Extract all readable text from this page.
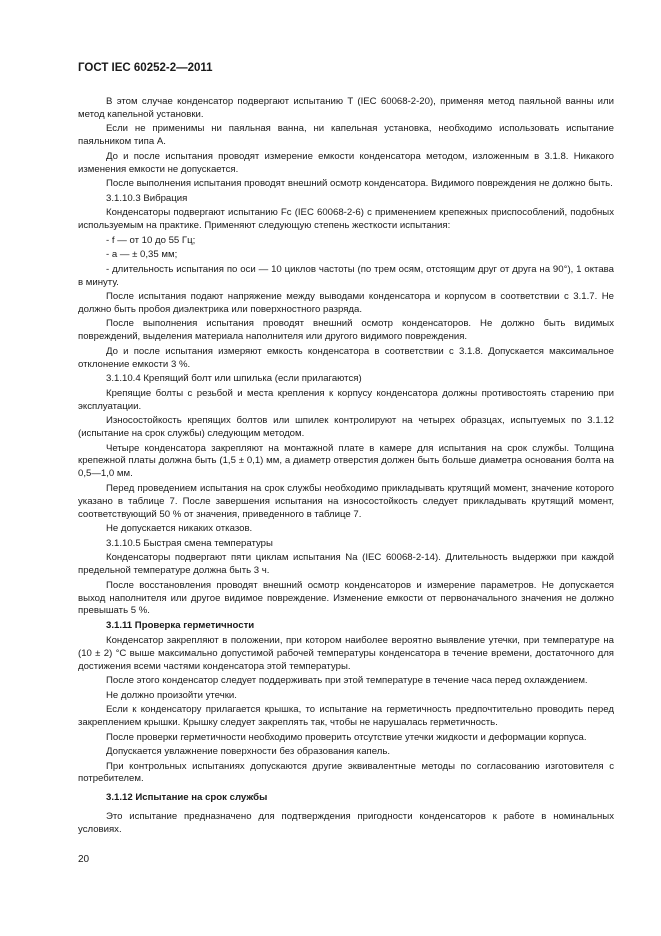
ГОСТ IEC 60252-2—2011

В этом случае конденсатор подвергают испытанию T (IEC 60068-2-20), применяя метод паяльной ванны или метод капельной установки.

Если не применимы ни паяльная ванна, ни капельная установка, необходимо использовать испытание паяльником типа А.

До и после испытания проводят измерение емкости конденсатора методом, изложенным в 3.1.8. Никакого изменения емкости не допускается.

После выполнения испытания проводят внешний осмотр конденсатора. Видимого повреждения не должно быть.

3.1.10.3 Вибрация

Конденсаторы подвергают испытанию Fc (IEC 60068-2-6) с применением крепежных приспособлений, подобных используемым на практике. Применяют следующую степень жесткости испытания:

- f — от 10 до 55 Гц;

- a — ± 0,35 мм;

- длительность испытания по оси — 10 циклов частоты (по трем осям, отстоящим друг от друга на 90°), 1 октава в минуту.

После испытания подают напряжение между выводами конденсатора и корпусом в соответствии с 3.1.7. Не должно быть пробоя диэлектрика или поверхностного разряда.

После выполнения испытания проводят внешний осмотр конденсаторов. Не должно быть видимых повреждений, выделения материала наполнителя или другого видимого повреждения.

До и после испытания измеряют емкость конденсатора в соответствии с 3.1.8. Допускается максимальное отклонение емкости 3 %.

3.1.10.4 Крепящий болт или шпилька (если прилагаются)

Крепящие болты с резьбой и места крепления к корпусу конденсатора должны противостоять старению при эксплуатации.

Износостойкость крепящих болтов или шпилек контролируют на четырех образцах, испытуемых по 3.1.12 (испытание на срок службы) следующим методом.

Четыре конденсатора закрепляют на монтажной плате в камере для испытания на срок службы. Толщина крепежной платы должна быть (1,5 ± 0,1) мм, а диаметр отверстия должен быть больше диаметра основания болта на 0,5—1,0 мм.

Перед проведением испытания на срок службы необходимо прикладывать крутящий момент, значение которого указано в таблице 7. После завершения испытания на износостойкость следует прикладывать крутящий момент, соответствующий 50 % от значения, приведенного в таблице 7.

Не допускается никаких отказов.

3.1.10.5 Быстрая смена температуры

Конденсаторы подвергают пяти циклам испытания Na (IEC 60068-2-14). Длительность выдержки при каждой предельной температуре должна быть 3 ч.

После восстановления проводят внешний осмотр конденсаторов и измерение параметров. Не допускается выход наполнителя или другое видимое повреждение. Изменение емкости от первоначального значения не должно превышать 5 %.

3.1.11 Проверка герметичности

Конденсатор закрепляют в положении, при котором наиболее вероятно выявление утечки, при температуре на (10 ± 2) °С выше максимально допустимой рабочей температуры конденсатора в течение времени, достаточного для достижения всеми частями конденсатора этой температуры.

После этого конденсатор следует поддерживать при этой температуре в течение часа перед охлаждением.

Не должно произойти утечки.

Если к конденсатору прилагается крышка, то испытание на герметичность предпочтительно проводить перед закреплением крышки. Крышку следует закреплять так, чтобы не нарушалась герметичность.

После проверки герметичности необходимо проверить отсутствие утечки жидкости и деформации корпуса.

Допускается увлажнение поверхности без образования капель.

При контрольных испытаниях допускаются другие эквивалентные методы по согласованию изготовителя с потребителем.

3.1.12 Испытание на срок службы

Это испытание предназначено для подтверждения пригодности конденсаторов к работе в номинальных условиях.

20
